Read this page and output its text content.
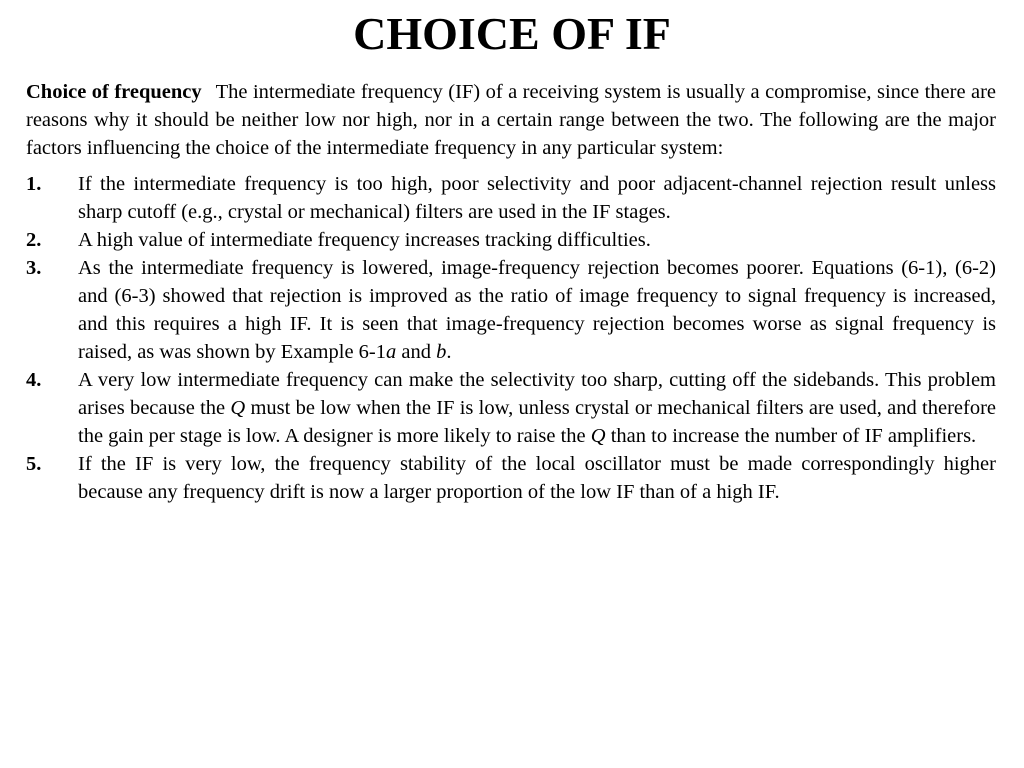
CHOICE OF IF

Choice of frequency The intermediate frequency (IF) of a receiving system is usually a compromise, since there are reasons why it should be neither low nor high, nor in a certain range between the two. The following are the major factors influencing the choice of the intermediate frequency in any particular system:

1.	If the intermediate frequency is too high, poor selectivity and poor adjacent-channel rejection result unless sharp cutoff (e.g., crystal or mechanical) filters are used in the IF stages.
2.	A high value of intermediate frequency increases tracking difficulties.
3.	As the intermediate frequency is lowered, image-frequency rejection becomes poorer. Equations (6-1), (6-2) and (6-3) showed that rejection is improved as the ratio of image frequency to signal frequency is increased, and this requires a high IF. It is seen that image-frequency rejection becomes worse as signal frequency is raised, as was shown by Example 6-1a and b.
4.	A very low intermediate frequency can make the selectivity too sharp, cutting off the sidebands. This problem arises because the Q must be low when the IF is low, unless crystal or mechanical filters are used, and therefore the gain per stage is low. A designer is more likely to raise the Q than to increase the number of IF amplifiers.
5.	If the IF is very low, the frequency stability of the local oscillator must be made correspondingly higher because any frequency drift is now a larger proportion of the low IF than of a high IF.
